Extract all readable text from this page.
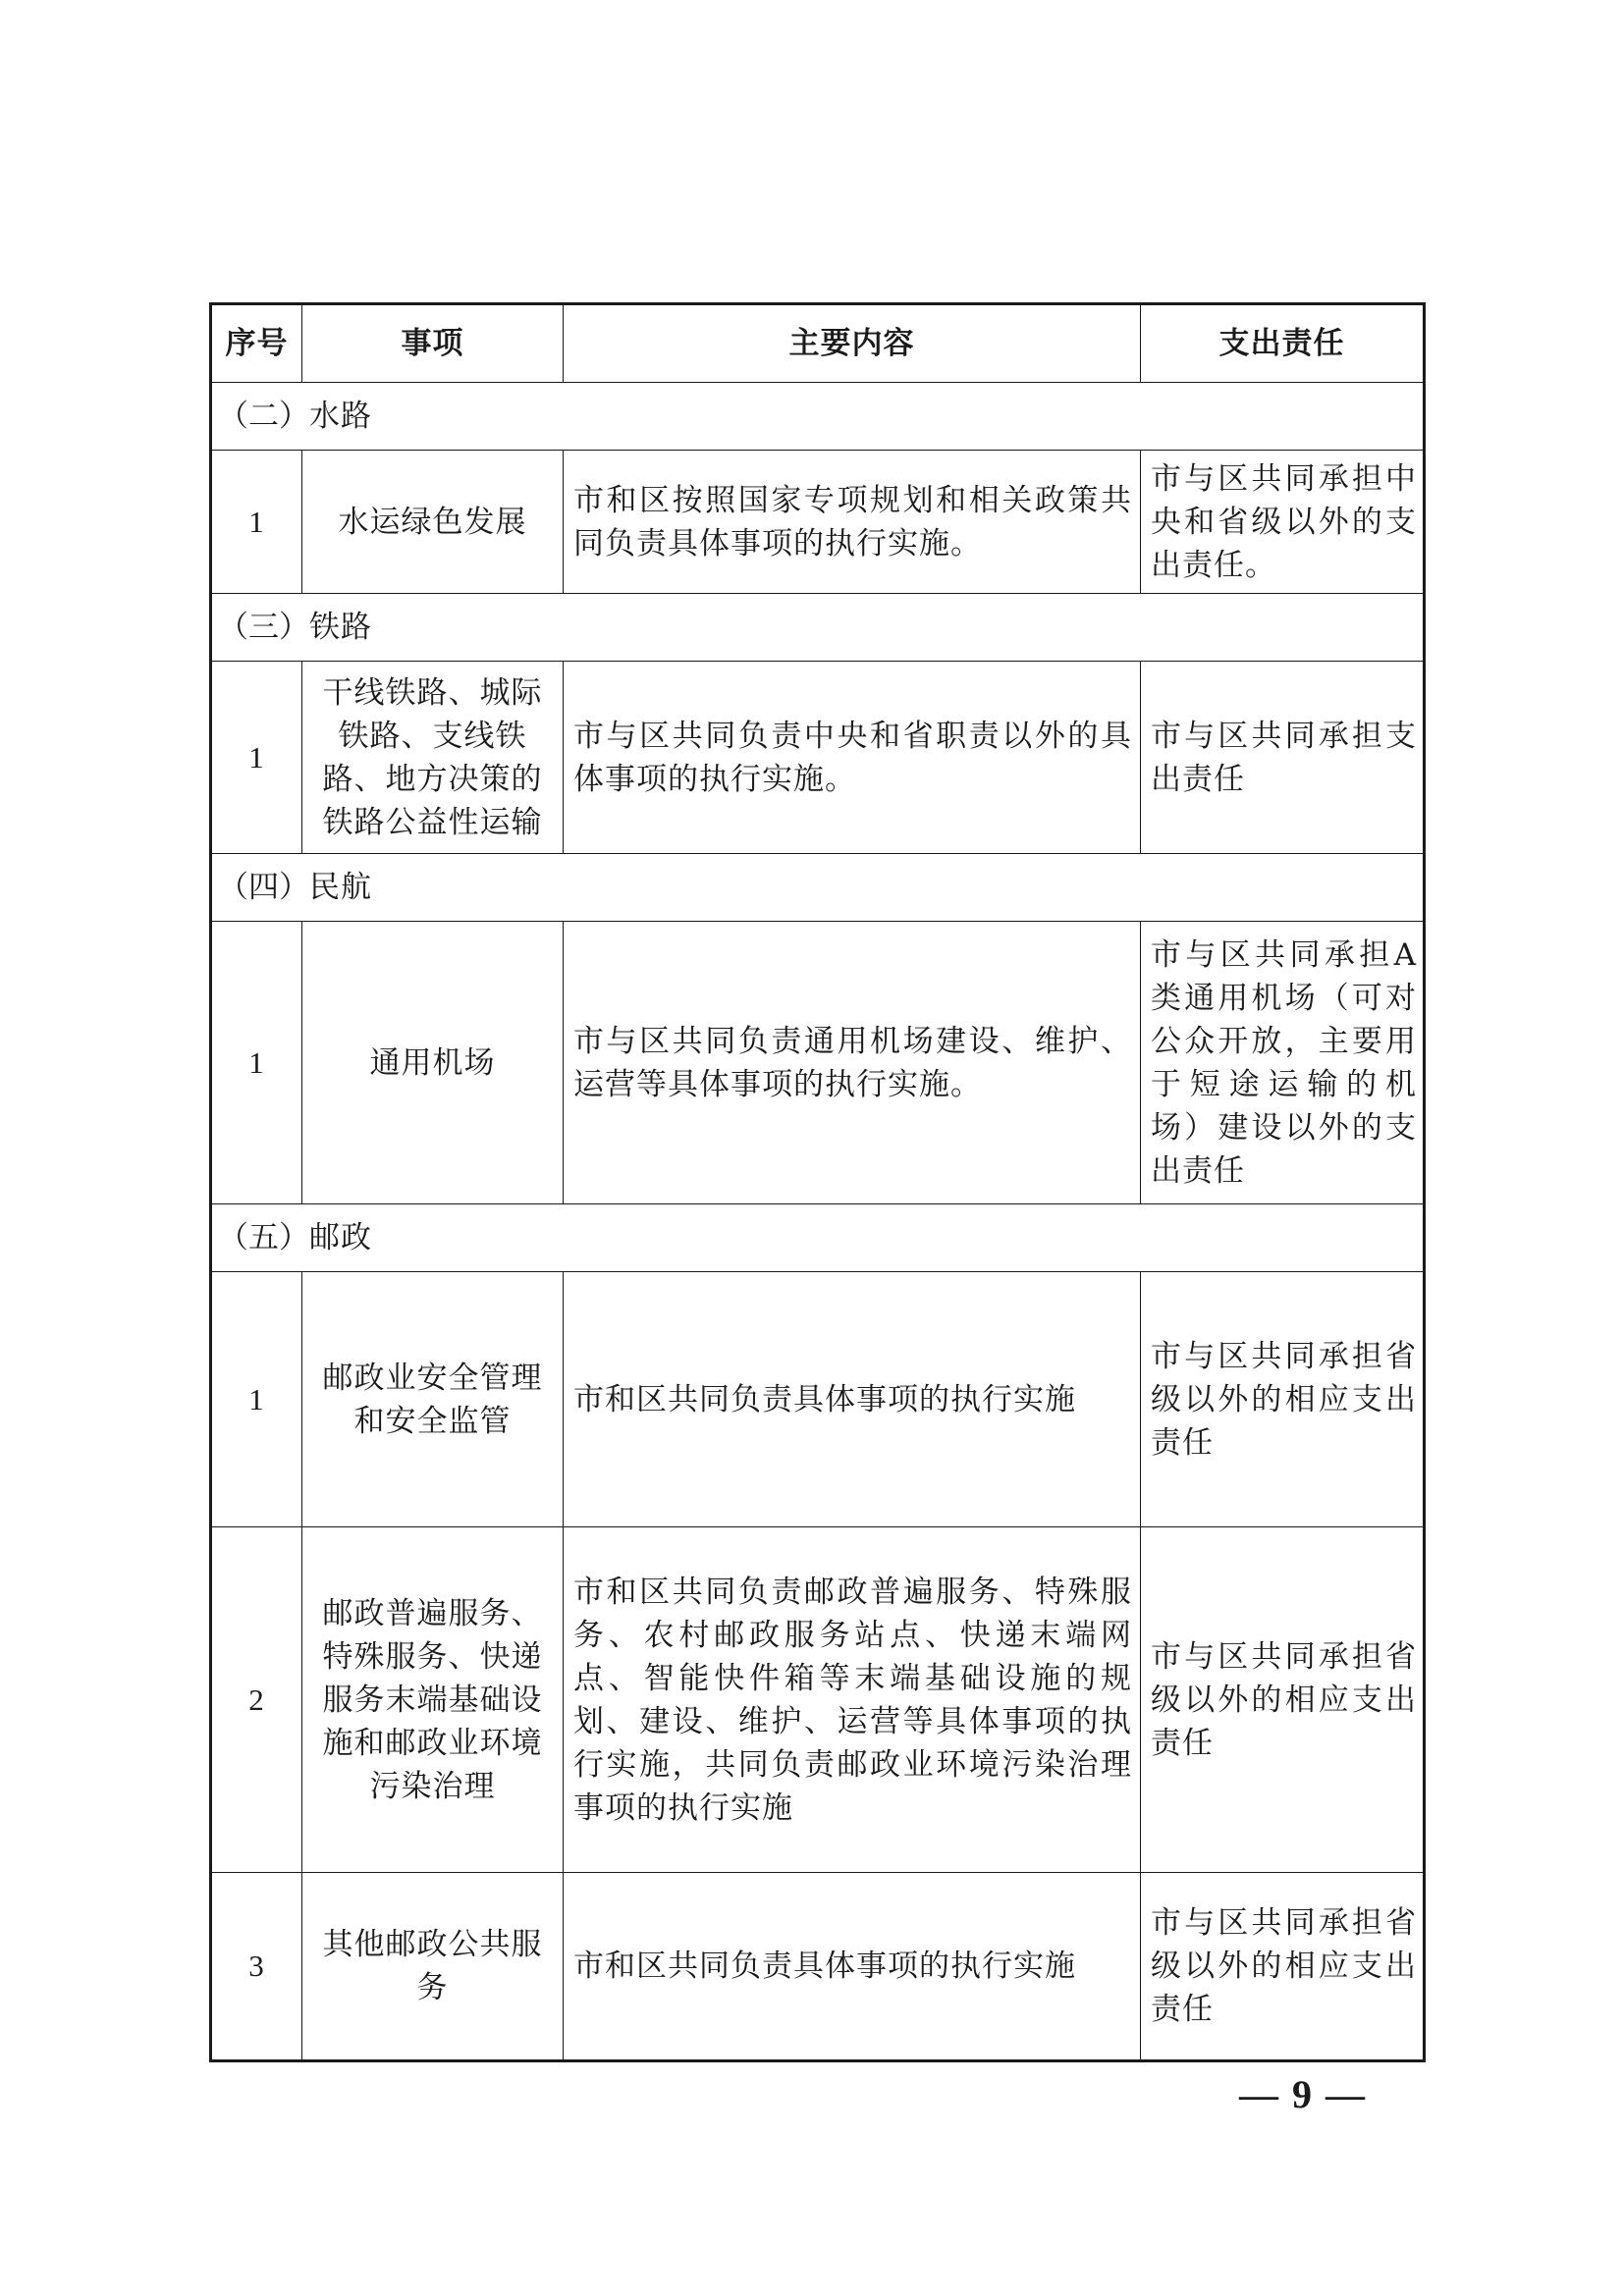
序号	事项	主要内容	支出责任
（二）水路			
1	水运绿色发展	市和区按照国家专项规划和相关政策共同负责具体事项的执行实施。	市与区共同承担中央和省级以外的支出责任。
（三）铁路			
1	干线铁路、城际铁路、支线铁路、地方决策的铁路公益性运输	市与区共同负责中央和省职责以外的具体事项的执行实施。	市与区共同承担支出责任
（四）民航			
1	通用机场	市与区共同负责通用机场建设、维护、运营等具体事项的执行实施。	市与区共同承担A类通用机场（可对公众开放，主要用于短途运输的机场）建设以外的支出责任
（五）邮政			
1	邮政业安全管理和安全监管	市和区共同负责具体事项的执行实施	市与区共同承担省级以外的相应支出责任
2	邮政普遍服务、特殊服务、快递服务末端基础设施和邮政业环境污染治理	市和区共同负责邮政普遍服务、特殊服务、农村邮政服务站点、快递末端网点、智能快件箱等末端基础设施的规划、建设、维护、运营等具体事项的执行实施，共同负责邮政业环境污染治理事项的执行实施	市与区共同承担省级以外的相应支出责任
3	其他邮政公共服务	市和区共同负责具体事项的执行实施	市与区共同承担省级以外的相应支出责任
— 9 —
